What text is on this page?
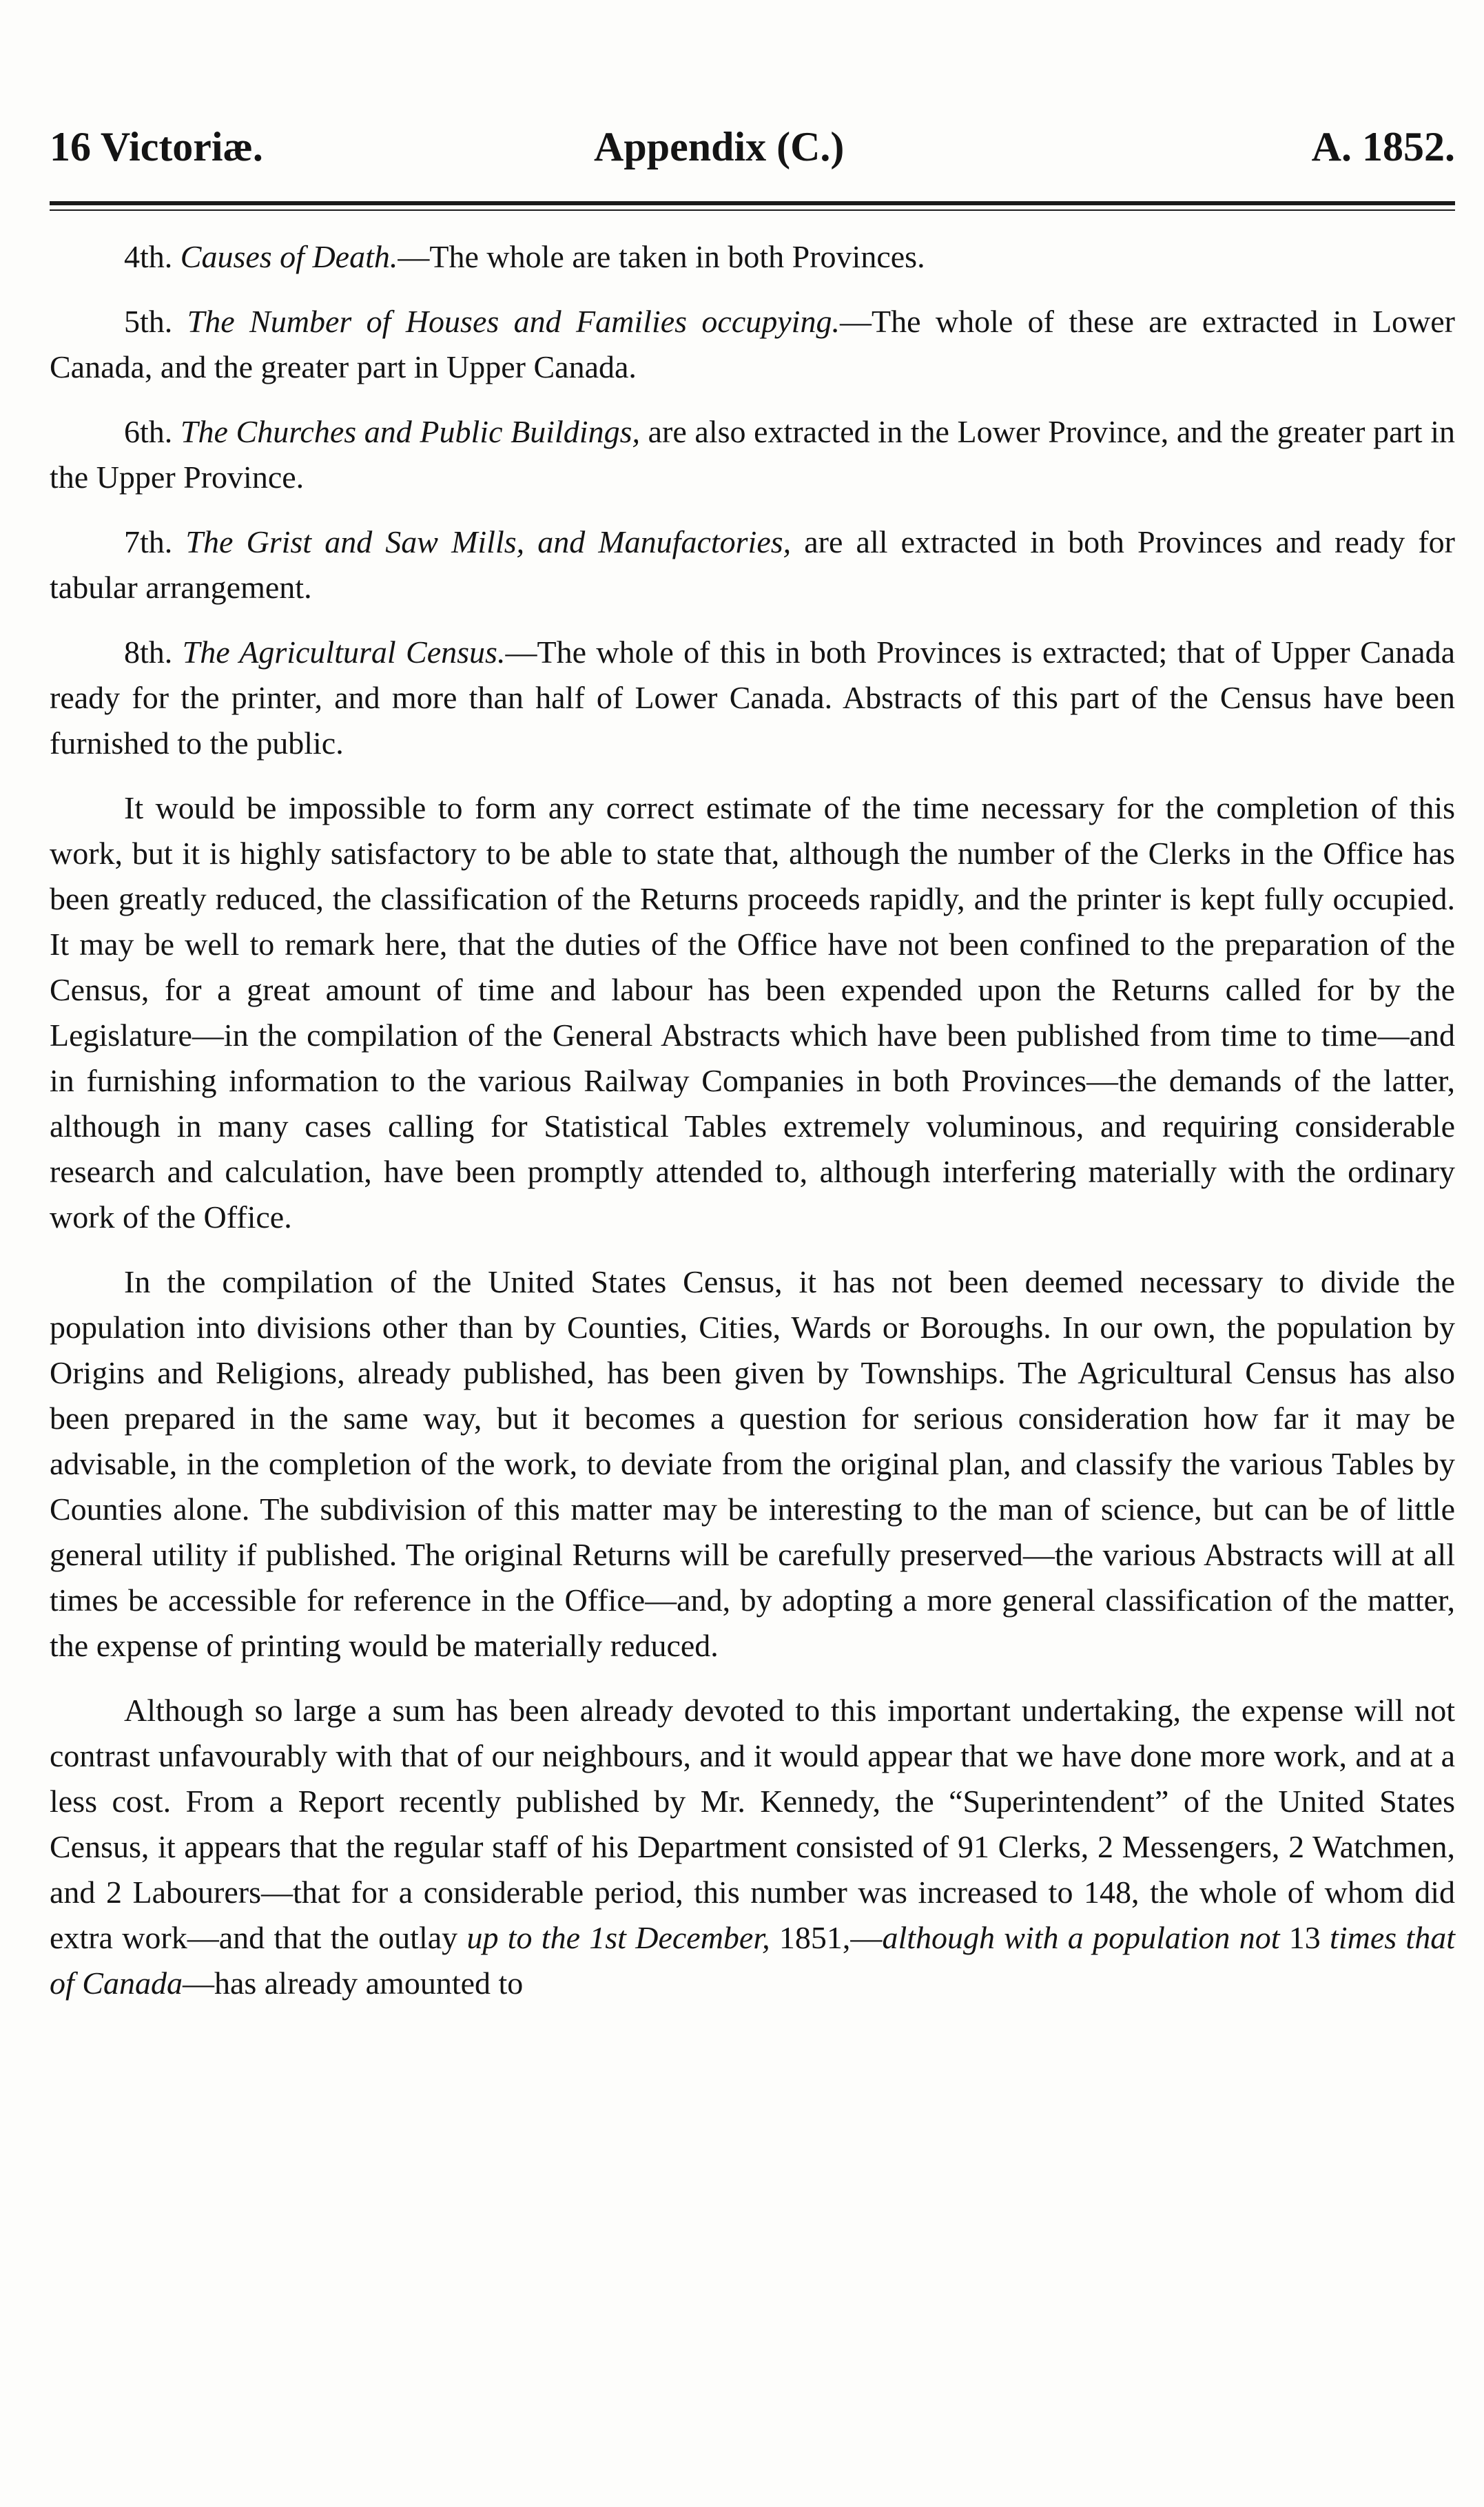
16 Victoriæ.	Appendix (C.)	A. 1852.

4th. Causes of Death.—The whole are taken in both Provinces.

5th. The Number of Houses and Families occupying.—The whole of these are extracted in Lower Canada, and the greater part in Upper Canada.

6th. The Churches and Public Buildings, are also extracted in the Lower Province, and the greater part in the Upper Province.

7th. The Grist and Saw Mills, and Manufactories, are all extracted in both Provinces and ready for tabular arrangement.

8th. The Agricultural Census.—The whole of this in both Provinces is extracted; that of Upper Canada ready for the printer, and more than half of Lower Canada. Abstracts of this part of the Census have been furnished to the public.

It would be impossible to form any correct estimate of the time necessary for the completion of this work, but it is highly satisfactory to be able to state that, although the number of the Clerks in the Office has been greatly reduced, the classification of the Returns proceeds rapidly, and the printer is kept fully occupied. It may be well to remark here, that the duties of the Office have not been confined to the preparation of the Census, for a great amount of time and labour has been expended upon the Returns called for by the Legislature—in the compilation of the General Abstracts which have been published from time to time—and in furnishing information to the various Railway Companies in both Provinces—the demands of the latter, although in many cases calling for Statistical Tables extremely voluminous, and requiring considerable research and calculation, have been promptly attended to, although interfering materially with the ordinary work of the Office.

In the compilation of the United States Census, it has not been deemed necessary to divide the population into divisions other than by Counties, Cities, Wards or Boroughs. In our own, the population by Origins and Religions, already published, has been given by Townships. The Agricultural Census has also been prepared in the same way, but it becomes a question for serious consideration how far it may be advisable, in the completion of the work, to deviate from the original plan, and classify the various Tables by Counties alone. The subdivision of this matter may be interesting to the man of science, but can be of little general utility if published. The original Returns will be carefully preserved—the various Abstracts will at all times be accessible for reference in the Office—and, by adopting a more general classification of the matter, the expense of printing would be materially reduced.

Although so large a sum has been already devoted to this important undertaking, the expense will not contrast unfavourably with that of our neighbours, and it would appear that we have done more work, and at a less cost. From a Report recently published by Mr. Kennedy, the “Superintendent” of the United States Census, it appears that the regular staff of his Department consisted of 91 Clerks, 2 Messengers, 2 Watchmen, and 2 Labourers—that for a considerable period, this number was increased to 148, the whole of whom did extra work—and that the outlay up to the 1st December, 1851,—although with a population not 13 times that of Canada—has already amounted to
